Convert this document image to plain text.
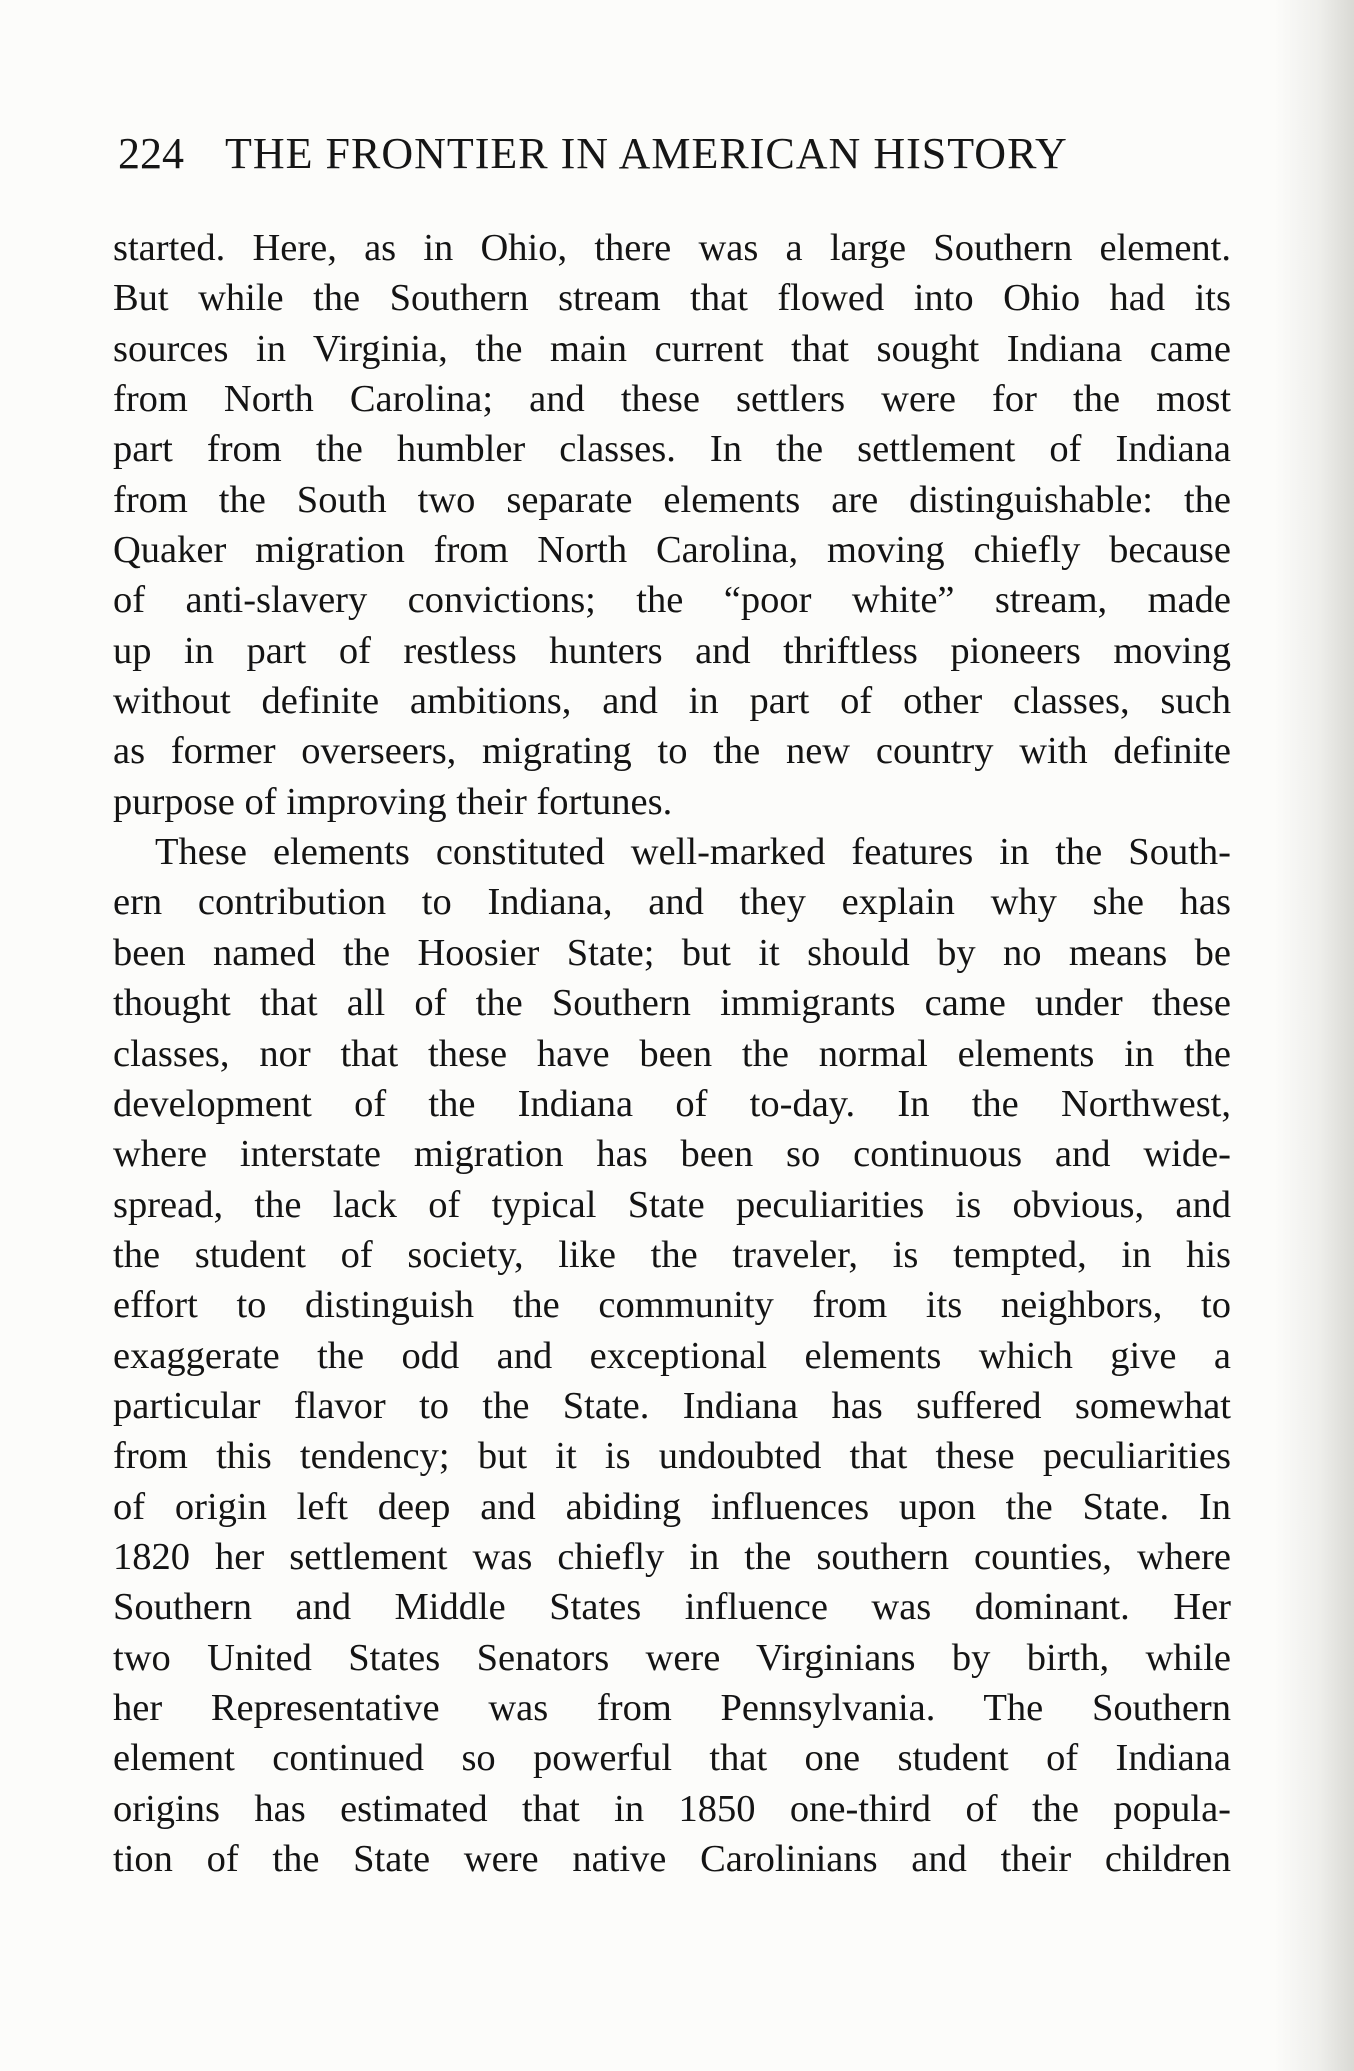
224 THE FRONTIER IN AMERICAN HISTORY
started. Here, as in Ohio, there was a large Southern element.
But while the Southern stream that flowed into Ohio had its
sources in Virginia, the main current that sought Indiana came
from North Carolina; and these settlers were for the most
part from the humbler classes. In the settlement of Indiana
from the South two separate elements are distinguishable: the
Quaker migration from North Carolina, moving chiefly because
of anti-slavery convictions; the “poor white” stream, made
up in part of restless hunters and thriftless pioneers moving
without definite ambitions, and in part of other classes, such
as former overseers, migrating to the new country with definite
purpose of improving their fortunes.
These elements constituted well-marked features in the South-
ern contribution to Indiana, and they explain why she has
been named the Hoosier State; but it should by no means be
thought that all of the Southern immigrants came under these
classes, nor that these have been the normal elements in the
development of the Indiana of to-day. In the Northwest,
where interstate migration has been so continuous and wide-
spread, the lack of typical State peculiarities is obvious, and
the student of society, like the traveler, is tempted, in his
effort to distinguish the community from its neighbors, to
exaggerate the odd and exceptional elements which give a
particular flavor to the State. Indiana has suffered somewhat
from this tendency; but it is undoubted that these peculiarities
of origin left deep and abiding influences upon the State. In
1820 her settlement was chiefly in the southern counties, where
Southern and Middle States influence was dominant. Her
two United States Senators were Virginians by birth, while
her Representative was from Pennsylvania. The Southern
element continued so powerful that one student of Indiana
origins has estimated that in 1850 one-third of the popula-
tion of the State were native Carolinians and their children
